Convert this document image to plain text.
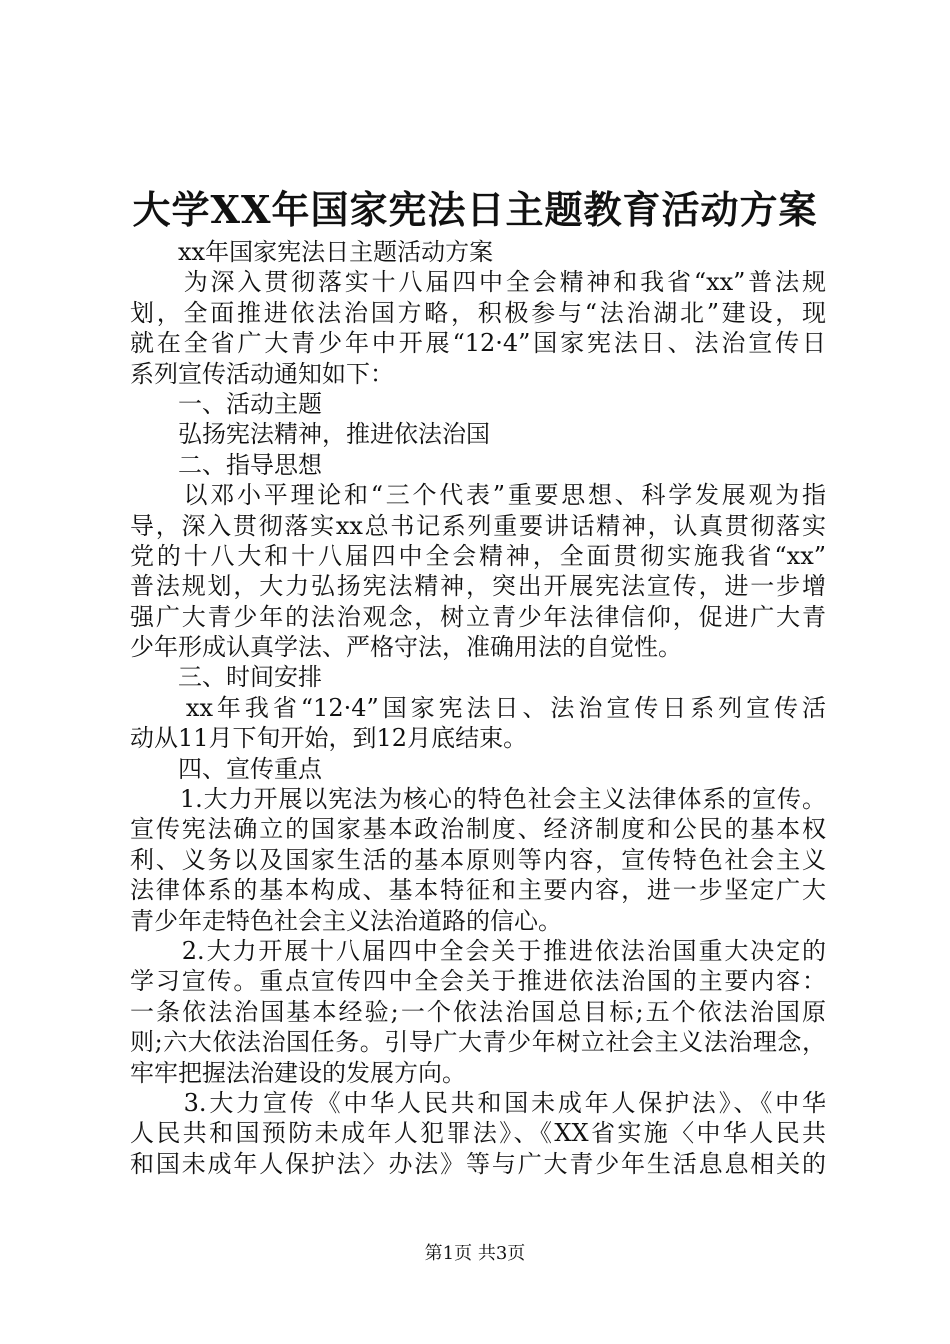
大学XX年国家宪法日主题教育活动方案
　　xx年国家宪法日主题活动方案
　　为深入贯彻落实十八届四中全会精神和我省“xx”普法规
划，全面推进依法治国方略，积极参与“法治湖北”建设，现
就在全省广大青少年中开展“12·4”国家宪法日、法治宣传日
系列宣传活动通知如下：
　　一、活动主题
　　弘扬宪法精神，推进依法治国
　　二、指导思想
　　以邓小平理论和“三个代表”重要思想、科学发展观为指
导，深入贯彻落实xx总书记系列重要讲话精神，认真贯彻落实
党的十八大和十八届四中全会精神，全面贯彻实施我省“xx”
普法规划，大力弘扬宪法精神，突出开展宪法宣传，进一步增
强广大青少年的法治观念，树立青少年法律信仰，促进广大青
少年形成认真学法、严格守法，准确用法的自觉性。
　　三、时间安排
　　xx年我省“12·4”国家宪法日、法治宣传日系列宣传活
动从11月下旬开始，到12月底结束。
　　四、宣传重点
　　1.大力开展以宪法为核心的特色社会主义法律体系的宣传。
宣传宪法确立的国家基本政治制度、经济制度和公民的基本权
利、义务以及国家生活的基本原则等内容，宣传特色社会主义
法律体系的基本构成、基本特征和主要内容，进一步坚定广大
青少年走特色社会主义法治道路的信心。
　　2.大力开展十八届四中全会关于推进依法治国重大决定的
学习宣传。重点宣传四中全会关于推进依法治国的主要内容：
一条依法治国基本经验;一个依法治国总目标;五个依法治国原
则;六大依法治国任务。引导广大青少年树立社会主义法治理念，
牢牢把握法治建设的发展方向。
　　3.大力宣传《中华人民共和国未成年人保护法》、《中华
人民共和国预防未成年人犯罪法》、《XX省实施〈中华人民共
和国未成年人保护法〉办法》等与广大青少年生活息息相关的
第1页 共3页
